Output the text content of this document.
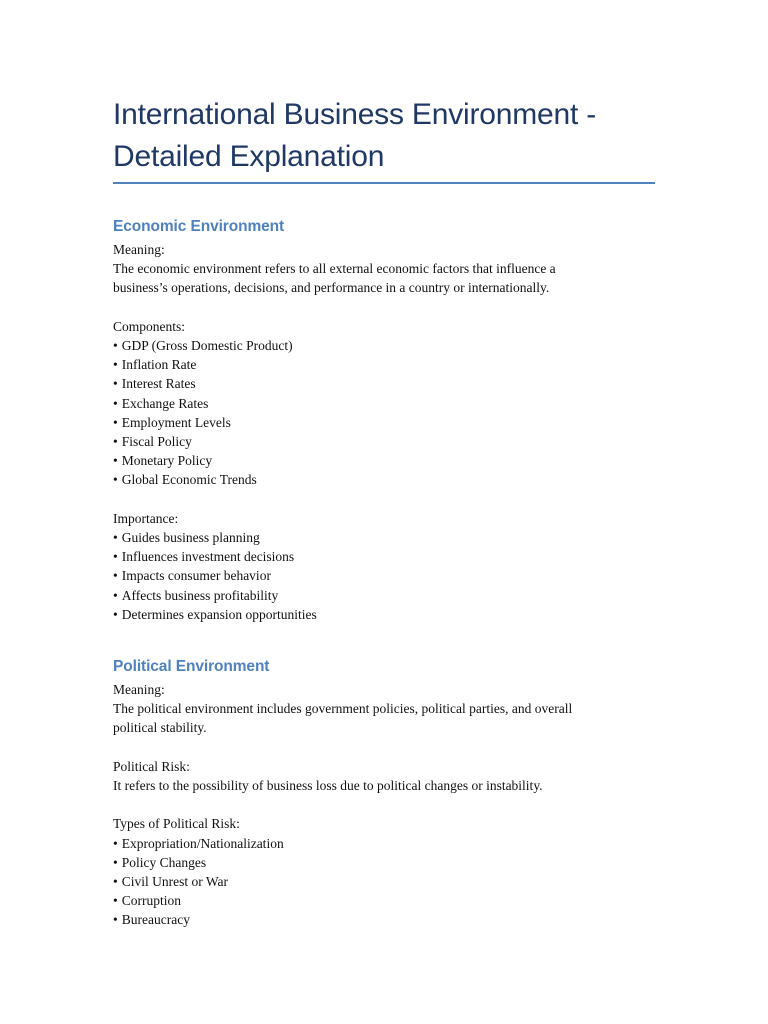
International Business Environment -
Detailed Explanation
Economic Environment
Meaning:
The economic environment refers to all external economic factors that influence a
business’s operations, decisions, and performance in a country or internationally.
Components:
• GDP (Gross Domestic Product)
• Inflation Rate
• Interest Rates
• Exchange Rates
• Employment Levels
• Fiscal Policy
• Monetary Policy
• Global Economic Trends
Importance:
• Guides business planning
• Influences investment decisions
• Impacts consumer behavior
• Affects business profitability
• Determines expansion opportunities
Political Environment
Meaning:
The political environment includes government policies, political parties, and overall
political stability.
Political Risk:
It refers to the possibility of business loss due to political changes or instability.
Types of Political Risk:
• Expropriation/Nationalization
• Policy Changes
• Civil Unrest or War
• Corruption
• Bureaucracy
